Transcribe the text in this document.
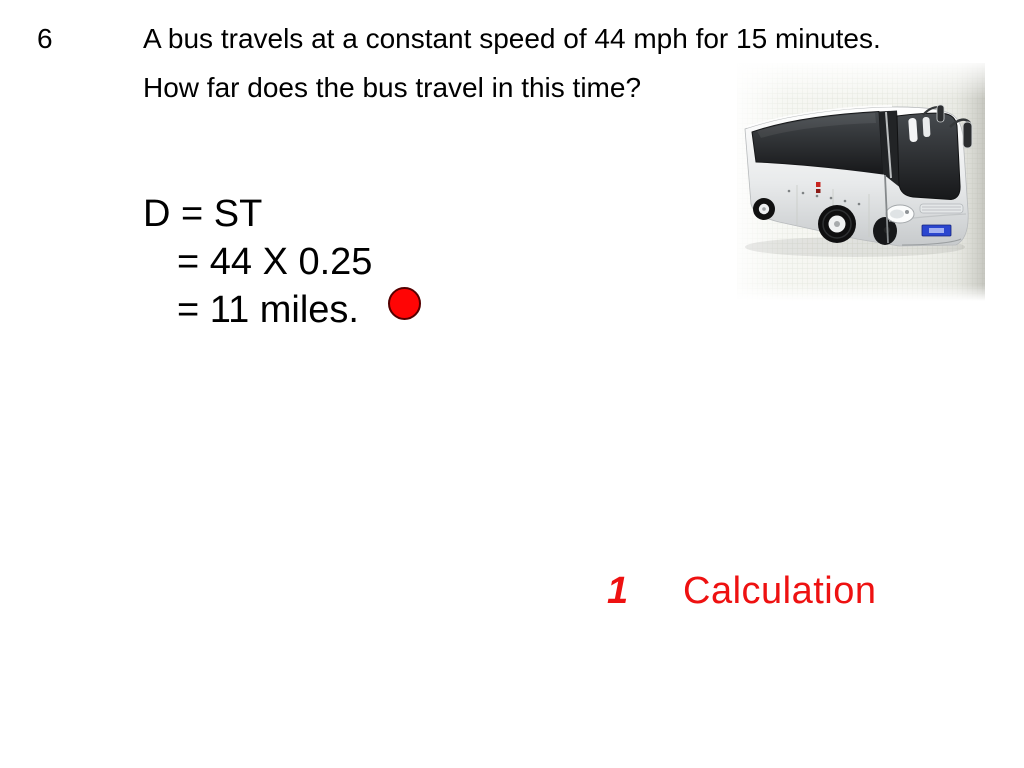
6	A bus travels at a constant speed of 44 mph for 15 minutes.
How far does the bus travel in this time?
D = ST
= 44 X 0.25
= 11 miles.
1 Calculation
